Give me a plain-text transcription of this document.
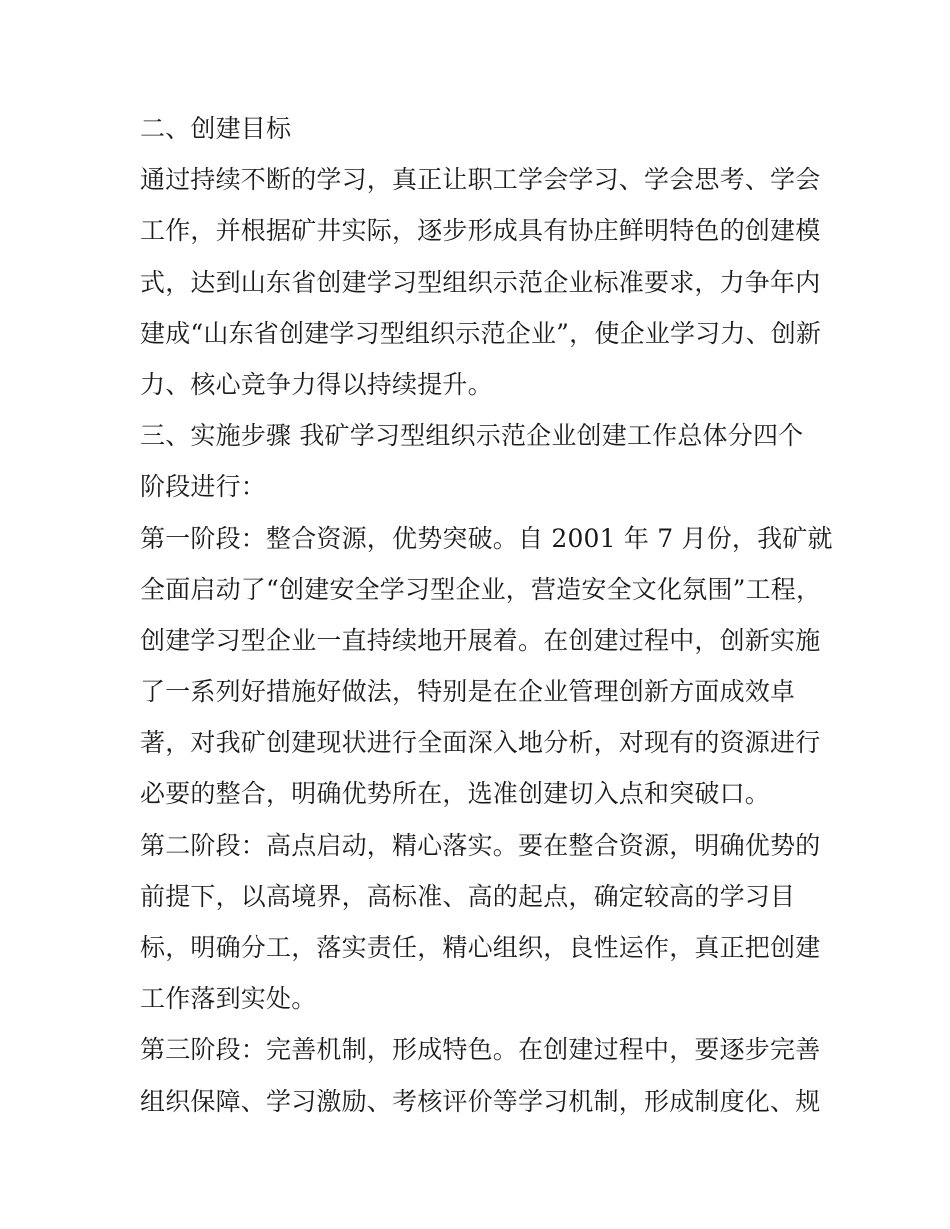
二、创建目标
通过持续不断的学习，真正让职工学会学习、学会思考、学会
工作，并根据矿井实际，逐步形成具有协庄鲜明特色的创建模
式，达到山东省创建学习型组织示范企业标准要求，力争年内
建成“山东省创建学习型组织示范企业”，使企业学习力、创新
力、核心竞争力得以持续提升。
三、实施步骤 我矿学习型组织示范企业创建工作总体分四个
阶段进行：
第一阶段：整合资源，优势突破。自 2001 年 7 月份，我矿就
全面启动了“创建安全学习型企业，营造安全文化氛围”工程，
创建学习型企业一直持续地开展着。在创建过程中，创新实施
了一系列好措施好做法，特别是在企业管理创新方面成效卓
著，对我矿创建现状进行全面深入地分析，对现有的资源进行
必要的整合，明确优势所在，选准创建切入点和突破口。
第二阶段：高点启动，精心落实。要在整合资源，明确优势的
前提下，以高境界，高标准、高的起点，确定较高的学习目
标，明确分工，落实责任，精心组织，良性运作，真正把创建
工作落到实处。
第三阶段：完善机制，形成特色。在创建过程中，要逐步完善
组织保障、学习激励、考核评价等学习机制，形成制度化、规
